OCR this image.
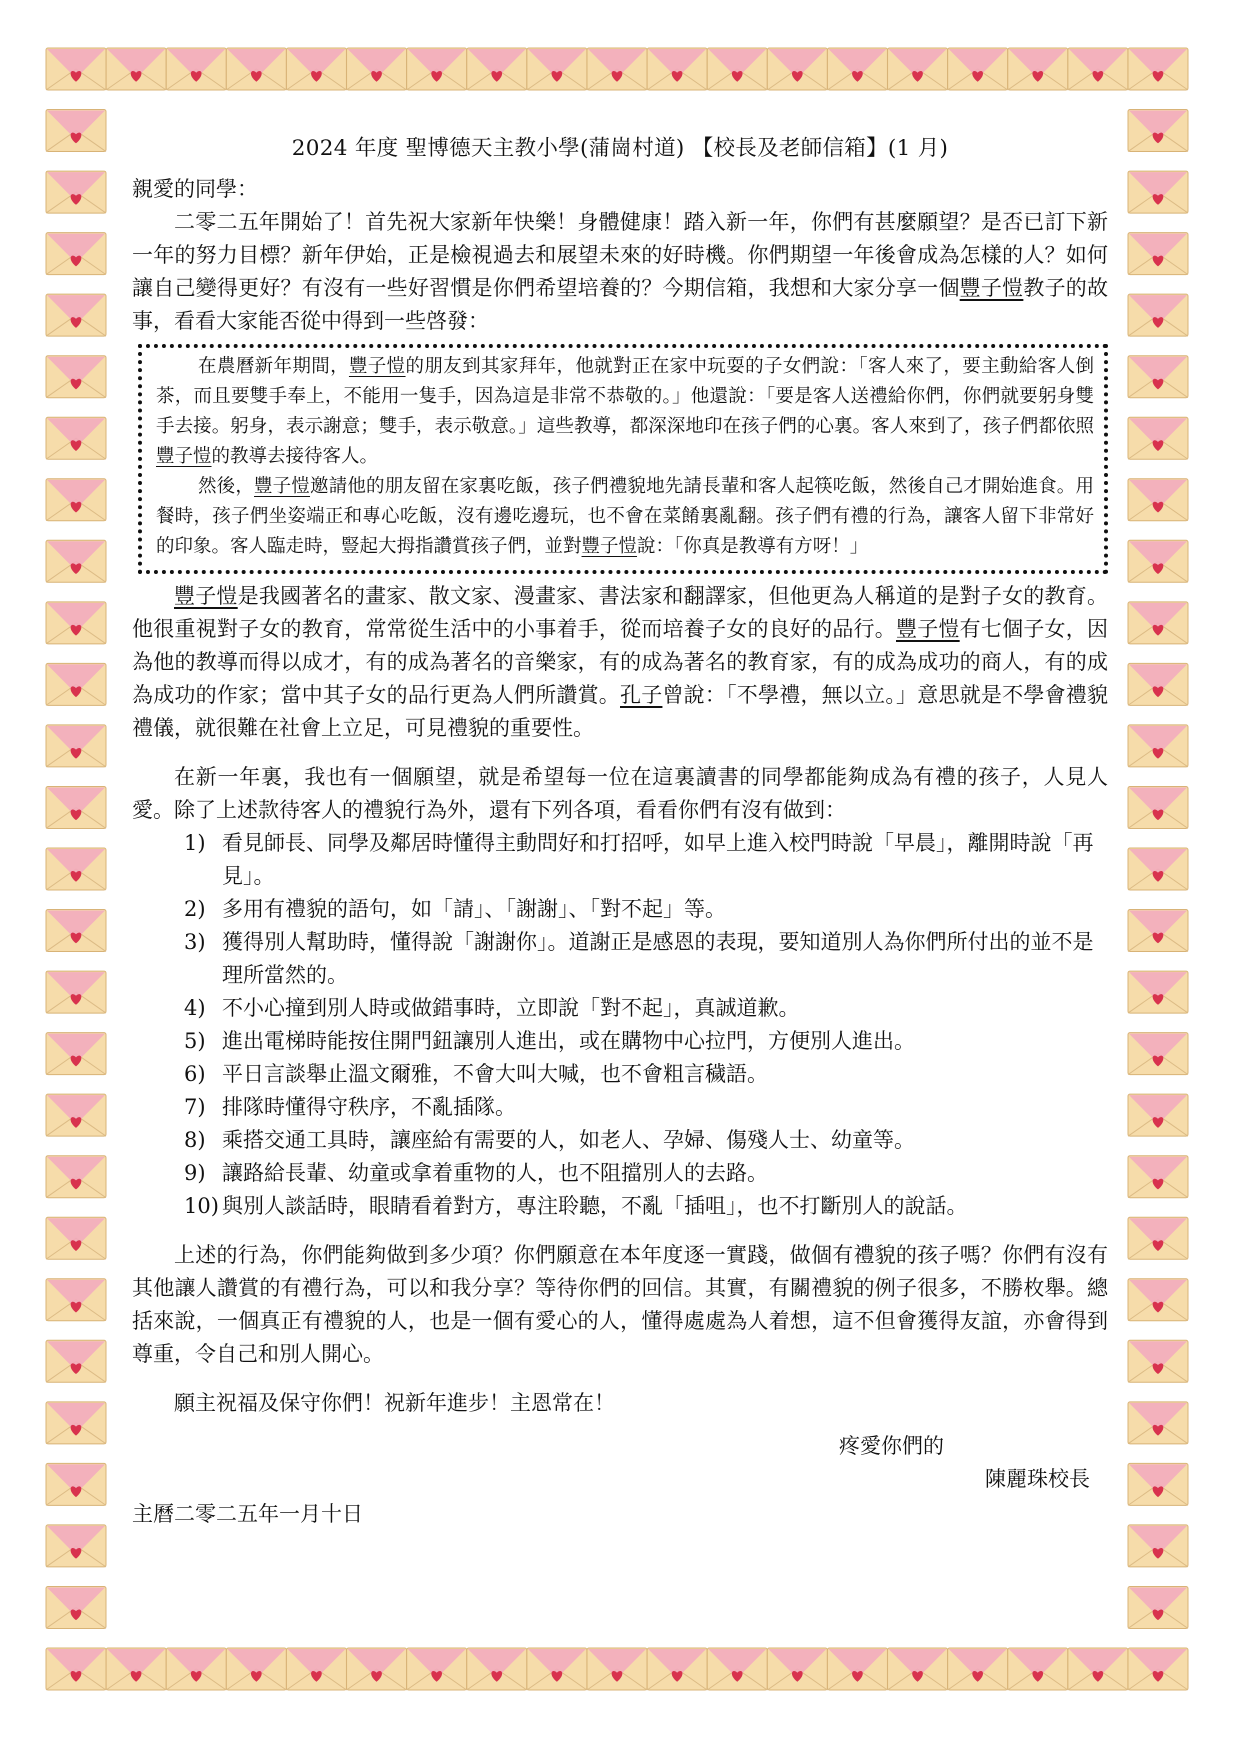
2024 年度 聖博德天主教小學(蒲崗村道) 【校長及老師信箱】(1 月)

親愛的同學：

二零二五年開始了！首先祝大家新年快樂！身體健康！踏入新一年，你們有甚麼願望？是否已訂下新一年的努力目標？新年伊始，正是檢視過去和展望未來的好時機。你們期望一年後會成為怎樣的人？如何讓自己變得更好？有沒有一些好習慣是你們希望培養的？今期信箱，我想和大家分享一個豐子愷教子的故事，看看大家能否從中得到一些啓發：

在農曆新年期間，豐子愷的朋友到其家拜年，他就對正在家中玩耍的子女們說：「客人來了，要主動給客人倒茶，而且要雙手奉上，不能用一隻手，因為這是非常不恭敬的。」他還說：「要是客人送禮給你們，你們就要躬身雙手去接。躬身，表示謝意；雙手，表示敬意。」這些教導，都深深地印在孩子們的心裏。客人來到了，孩子們都依照豐子愷的教導去接待客人。

然後，豐子愷邀請他的朋友留在家裏吃飯，孩子們禮貌地先請長輩和客人起筷吃飯，然後自己才開始進食。用餐時，孩子們坐姿端正和專心吃飯，沒有邊吃邊玩，也不會在菜餚裏亂翻。孩子們有禮的行為，讓客人留下非常好的印象。客人臨走時，豎起大拇指讚賞孩子們，並對豐子愷說：「你真是教導有方呀！」

豐子愷是我國著名的畫家、散文家、漫畫家、書法家和翻譯家，但他更為人稱道的是對子女的教育。他很重視對子女的教育，常常從生活中的小事着手，從而培養子女的良好的品行。豐子愷有七個子女，因為他的教導而得以成才，有的成為著名的音樂家，有的成為著名的教育家，有的成為成功的商人，有的成為成功的作家；當中其子女的品行更為人們所讚賞。孔子曾說：「不學禮，無以立。」意思就是不學會禮貌禮儀，就很難在社會上立足，可見禮貌的重要性。

在新一年裏，我也有一個願望，就是希望每一位在這裏讀書的同學都能夠成為有禮的孩子，人見人愛。除了上述款待客人的禮貌行為外，還有下列各項，看看你們有沒有做到：

1) 看見師長、同學及鄰居時懂得主動問好和打招呼，如早上進入校門時說「早晨」，離開時說「再見」。
2) 多用有禮貌的語句，如「請」、「謝謝」、「對不起」等。
3) 獲得別人幫助時，懂得說「謝謝你」。道謝正是感恩的表現，要知道別人為你們所付出的並不是理所當然的。
4) 不小心撞到別人時或做錯事時，立即說「對不起」，真誠道歉。
5) 進出電梯時能按住開門鈕讓別人進出，或在購物中心拉門，方便別人進出。
6) 平日言談舉止溫文爾雅，不會大叫大喊，也不會粗言穢語。
7) 排隊時懂得守秩序，不亂插隊。
8) 乘搭交通工具時，讓座給有需要的人，如老人、孕婦、傷殘人士、幼童等。
9) 讓路給長輩、幼童或拿着重物的人，也不阻擋別人的去路。
10) 與別人談話時，眼睛看着對方，專注聆聽，不亂「插咀」，也不打斷別人的說話。

上述的行為，你們能夠做到多少項？你們願意在本年度逐一實踐，做個有禮貌的孩子嗎？你們有沒有其他讓人讚賞的有禮行為，可以和我分享？等待你們的回信。其實，有關禮貌的例子很多，不勝枚舉。總括來說，一個真正有禮貌的人，也是一個有愛心的人，懂得處處為人着想，這不但會獲得友誼，亦會得到尊重，令自己和別人開心。

願主祝福及保守你們！祝新年進步！主恩常在！

疼愛你們的
陳麗珠校長
主曆二零二五年一月十日
